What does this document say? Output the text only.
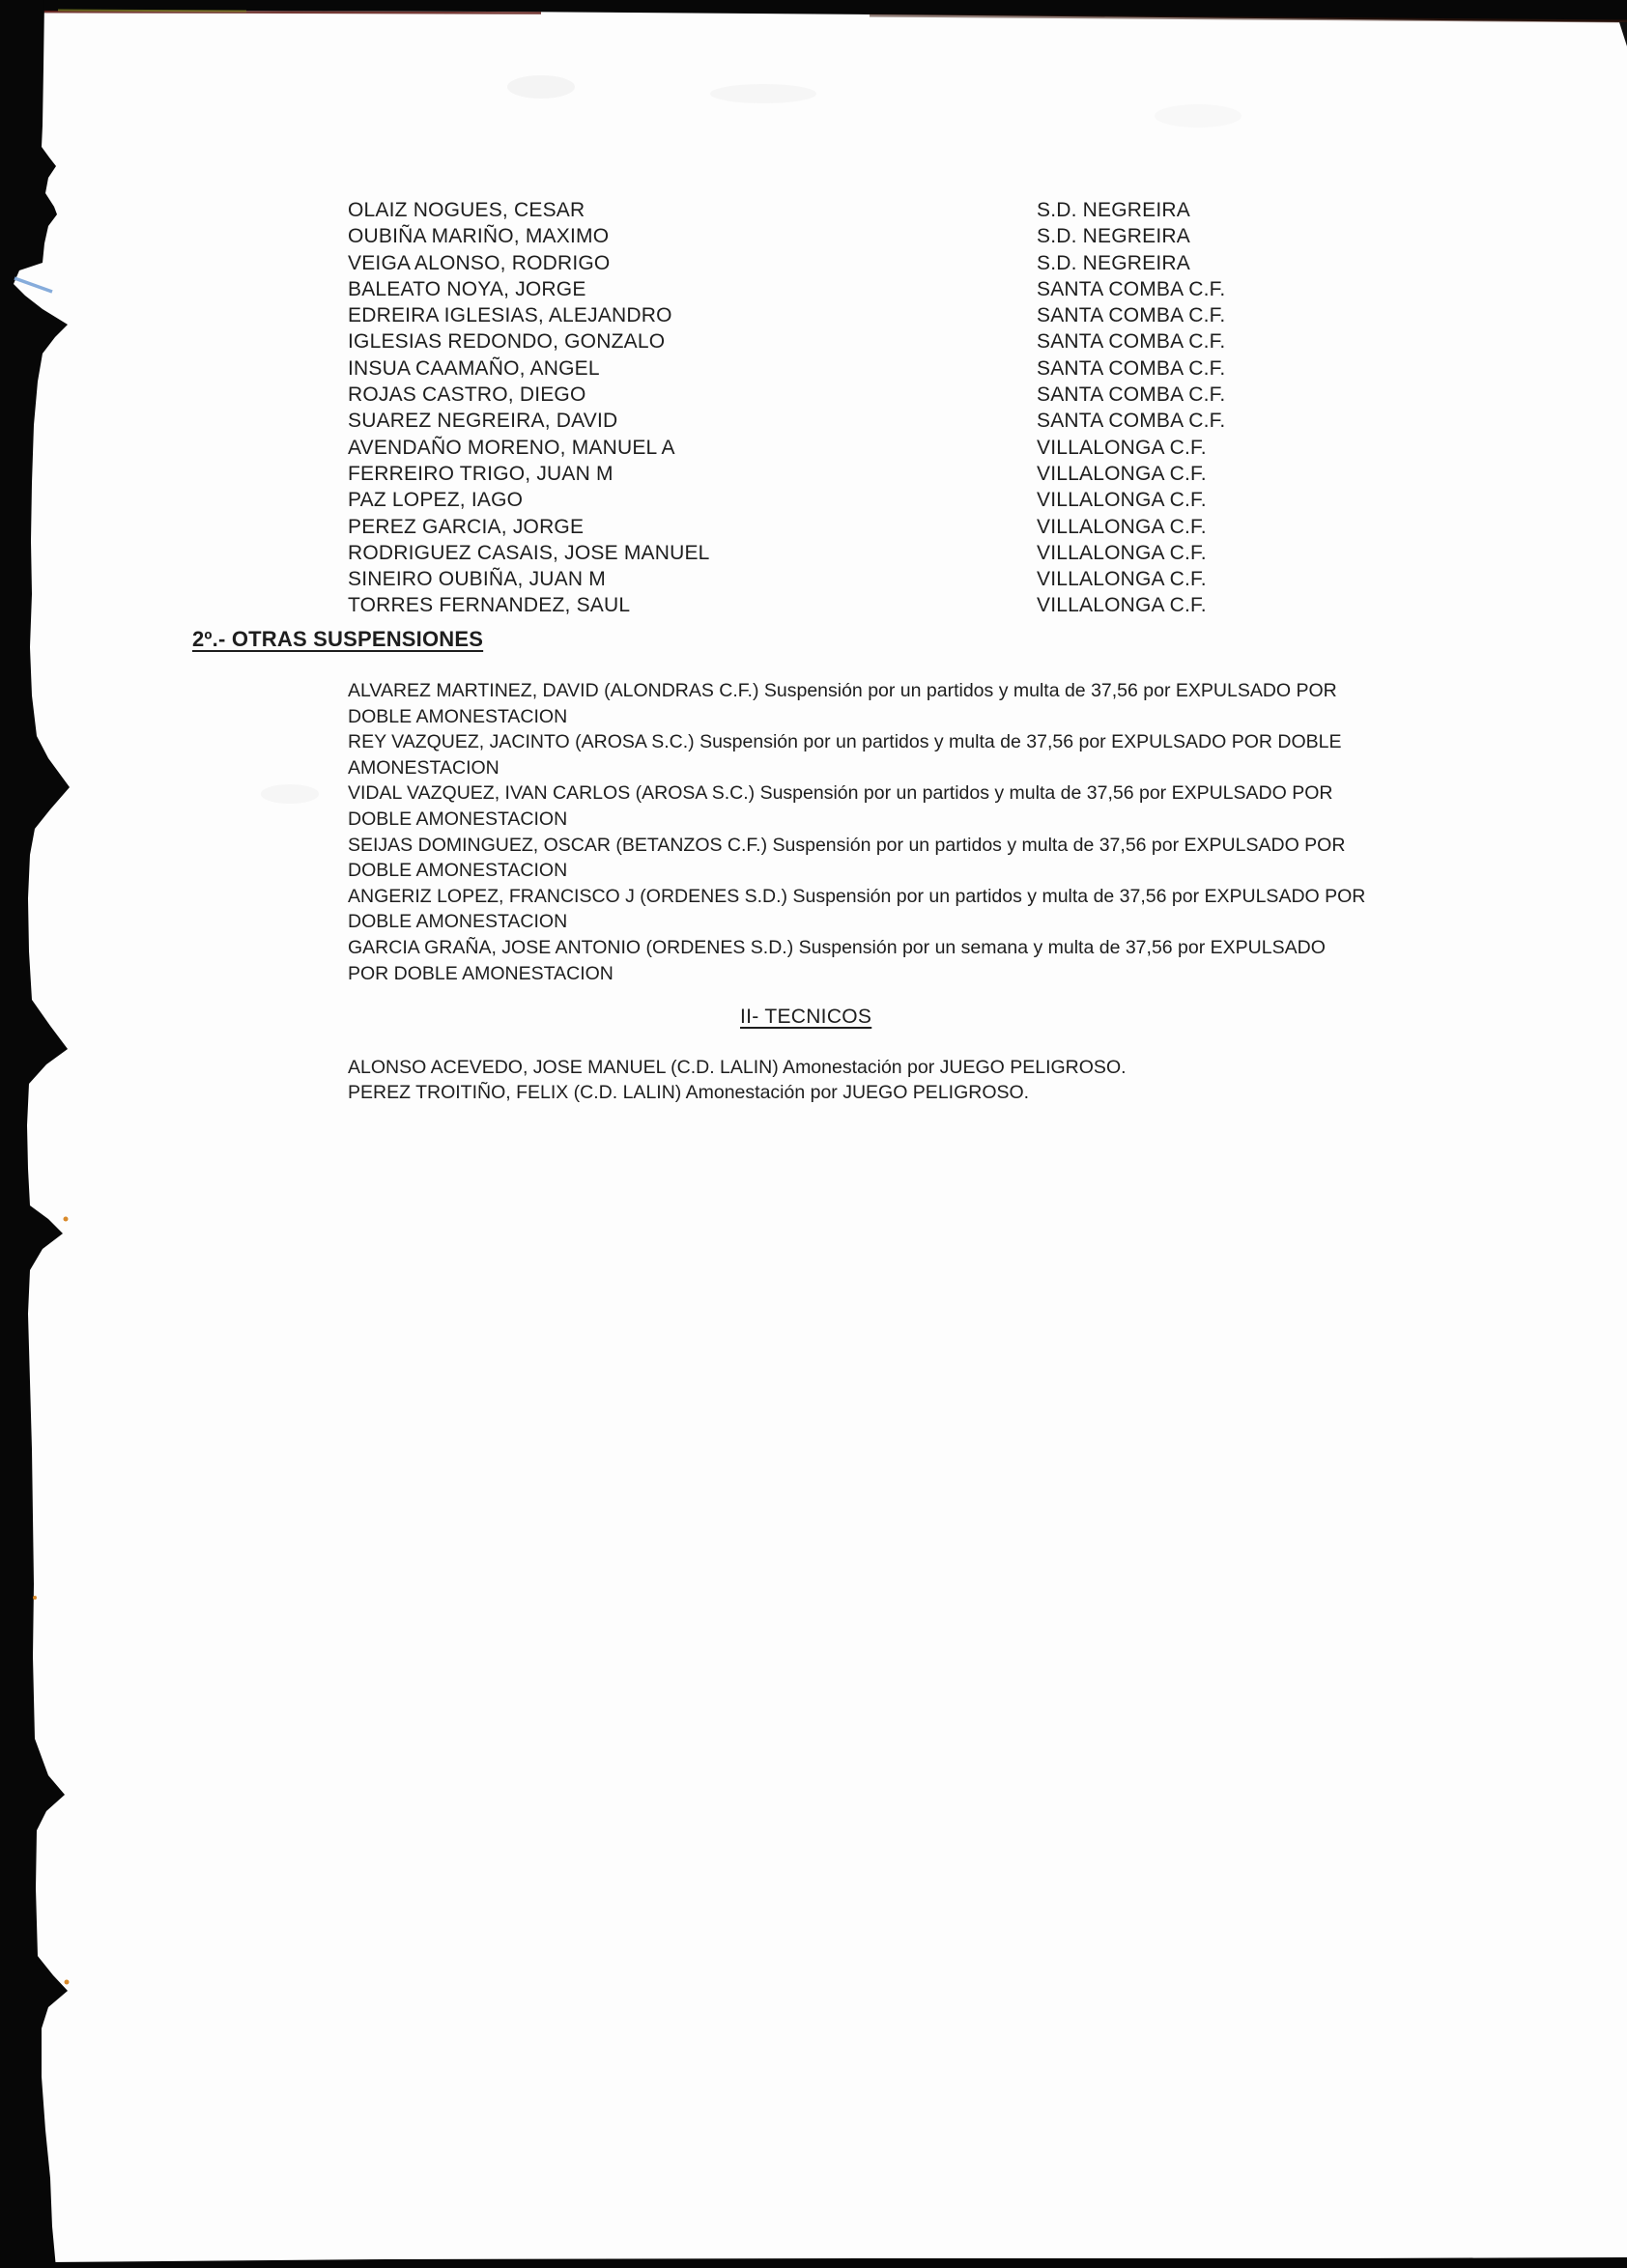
OLAIZ NOGUES, CESAR	S.D. NEGREIRA
OUBIÑA MARIÑO, MAXIMO	S.D. NEGREIRA
VEIGA ALONSO, RODRIGO	S.D. NEGREIRA
BALEATO NOYA, JORGE	SANTA COMBA C.F.
EDREIRA IGLESIAS, ALEJANDRO	SANTA COMBA C.F.
IGLESIAS REDONDO, GONZALO	SANTA COMBA C.F.
INSUA CAAMAÑO, ANGEL	SANTA COMBA C.F.
ROJAS CASTRO, DIEGO	SANTA COMBA C.F.
SUAREZ NEGREIRA, DAVID	SANTA COMBA C.F.
AVENDAÑO MORENO, MANUEL A	VILLALONGA C.F.
FERREIRO TRIGO, JUAN M	VILLALONGA C.F.
PAZ LOPEZ, IAGO	VILLALONGA C.F.
PEREZ GARCIA, JORGE	VILLALONGA C.F.
RODRIGUEZ CASAIS, JOSE MANUEL	VILLALONGA C.F.
SINEIRO OUBIÑA, JUAN M	VILLALONGA C.F.
TORRES FERNANDEZ, SAUL	VILLALONGA C.F.
2º.- OTRAS SUSPENSIONES

ALVAREZ MARTINEZ, DAVID (ALONDRAS C.F.) Suspensión por un partidos y multa de 37,56 por EXPULSADO POR
DOBLE AMONESTACION

REY VAZQUEZ, JACINTO (AROSA S.C.) Suspensión por un partidos y multa de 37,56 por EXPULSADO POR DOBLE
AMONESTACION

VIDAL VAZQUEZ, IVAN CARLOS (AROSA S.C.) Suspensión por un partidos y multa de 37,56 por EXPULSADO POR
DOBLE AMONESTACION

SEIJAS DOMINGUEZ, OSCAR (BETANZOS C.F.) Suspensión por un partidos y multa de 37,56 por EXPULSADO POR
DOBLE AMONESTACION

ANGERIZ LOPEZ, FRANCISCO J (ORDENES S.D.) Suspensión por un partidos y multa de 37,56 por EXPULSADO POR
DOBLE AMONESTACION

GARCIA GRAÑA, JOSE ANTONIO (ORDENES S.D.) Suspensión por un semana y multa de 37,56 por EXPULSADO
POR DOBLE AMONESTACION

II- TECNICOS

ALONSO ACEVEDO, JOSE MANUEL (C.D. LALIN) Amonestación por JUEGO PELIGROSO.

PEREZ TROITIÑO, FELIX (C.D. LALIN) Amonestación por JUEGO PELIGROSO.
